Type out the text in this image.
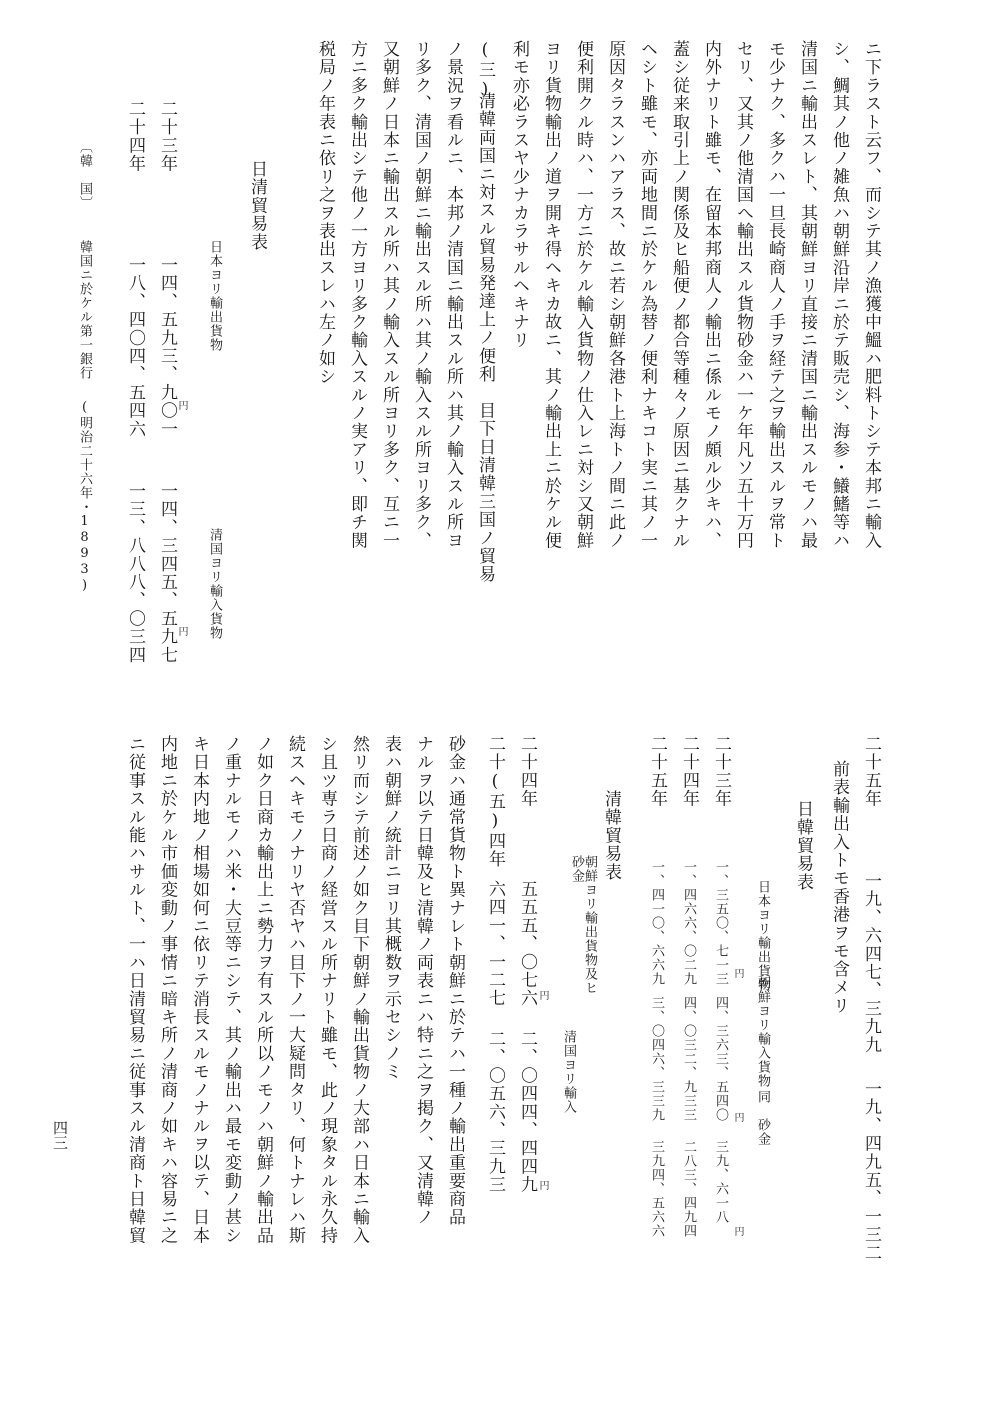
ニ下ラスト云フ、而シテ其ノ漁獲中鰮ハ肥料トシテ本邦ニ輸入
シ、鯛其ノ他ノ雑魚ハ朝鮮沿岸ニ於テ販売シ、海参・鱶鰭等ハ
清国ニ輸出スレト、其朝鮮ヨリ直接ニ清国ニ輸出スルモノハ最
モ少ナク、多クハ一旦長崎商人ノ手ヲ経テ之ヲ輸出スルヲ常ト
セリ、又其ノ他清国へ輸出スル貨物砂金ハ一ケ年凡ソ五十万円
内外ナリト雖モ、在留本邦商人ノ輸出ニ係ルモノ頗ル少キハ、
蓋シ従来取引上ノ関係及ヒ船便ノ都合等種々ノ原因ニ基クナル
ヘシト雖モ、亦両地間ニ於ケル為替ノ便利ナキコト実ニ其ノ一
原因タラスンハアラス、故ニ若シ朝鮮各港ト上海トノ間ニ此ノ
便利開クル時ハ、一方ニ於ケル輸入貨物ノ仕入レニ対シ又朝鮮
ヨリ貨物輸出ノ道ヲ開キ得ヘキカ故ニ、其ノ輸出上ニ於ケル便
利モ亦必ラスヤ少ナカラサルヘキナリ
(三)
清韓両国ニ対スル貿易発達上ノ便利　目下日清韓三国ノ貿易
ノ景況ヲ看ルニ、本邦ノ清国ニ輸出スル所ハ其ノ輸入スル所ヨ
リ多ク、清国ノ朝鮮ニ輸出スル所ハ其ノ輸入スル所ヨリ多ク、
又朝鮮ノ日本ニ輸出スル所ハ其ノ輸入スル所ヨリ多ク、互ニ一
方ニ多ク輸出シテ他ノ一方ヨリ多ク輸入スルノ実アリ、即チ関
税局ノ年表ニ依リ之ヲ表出スレハ左ノ如シ
日清貿易表
日本ヨリ輸出貨物
清国ヨリ輸入貨物
二十三年
一四、五九三、九〇一 円
一四、三四五、五九七 円
二十四年
一八、四〇四、五四六
一三、八八八、〇三四
〔韓　国〕
韓国ニ於ケル第一銀行
(明治二十六年・1893)
二十五年
一九、六四七、三九九
一九、四九五、一三二
前表輸出入トモ香港ヲモ含メリ
日韓貿易表
日本ヨリ輸出貨物
朝鮮ヨリ輸入貨物
同　砂金
二十三年
一、三五〇、七一三 円
四、三六三、五四〇 円
三九、六一八
円
二十四年
一、四六六、〇二九
四、〇三二、九三三
二八三、四九四
二十五年
一、四一〇、六六九
三、〇四六、三三九
三九四、五六六
清韓貿易表
朝鮮ヨリ輸出貨物及ヒ砂金
清国ヨリ輸入
二十四年
五五五、〇七六 円
二、〇四四、四四九 円
二十(五)四年
六四一、一二七
二、〇五六、三九三
砂金ハ通常貨物ト異ナレト朝鮮ニ於テハ一種ノ輸出重要商品
ナルヲ以テ日韓及ヒ清韓ノ両表ニハ特ニ之ヲ掲ク、又清韓ノ
表ハ朝鮮ノ統計ニヨリ其概数ヲ示セシノミ
然リ而シテ前述ノ如ク目下朝鮮ノ輸出貨物ノ大部ハ日本ニ輸入
シ且ツ専ラ日商ノ経営スル所ナリト雖モ、此ノ現象タル永久持
続スヘキモノナリヤ否ヤハ目下ノ一大疑問タリ、何トナレハ斯
ノ如ク日商カ輸出上ニ勢力ヲ有スル所以ノモノハ朝鮮ノ輸出品
ノ重ナルモノハ米・大豆等ニシテ、其ノ輸出ハ最モ変動ノ甚シ
キ日本内地ノ相場如何ニ依リテ消長スルモノナルヲ以テ、日本
内地ニ於ケル市価変動ノ事情ニ暗キ所ノ清商ノ如キハ容易ニ之
ニ従事スル能ハサルト、一ハ日清貿易ニ従事スル清商ト日韓貿
四三
